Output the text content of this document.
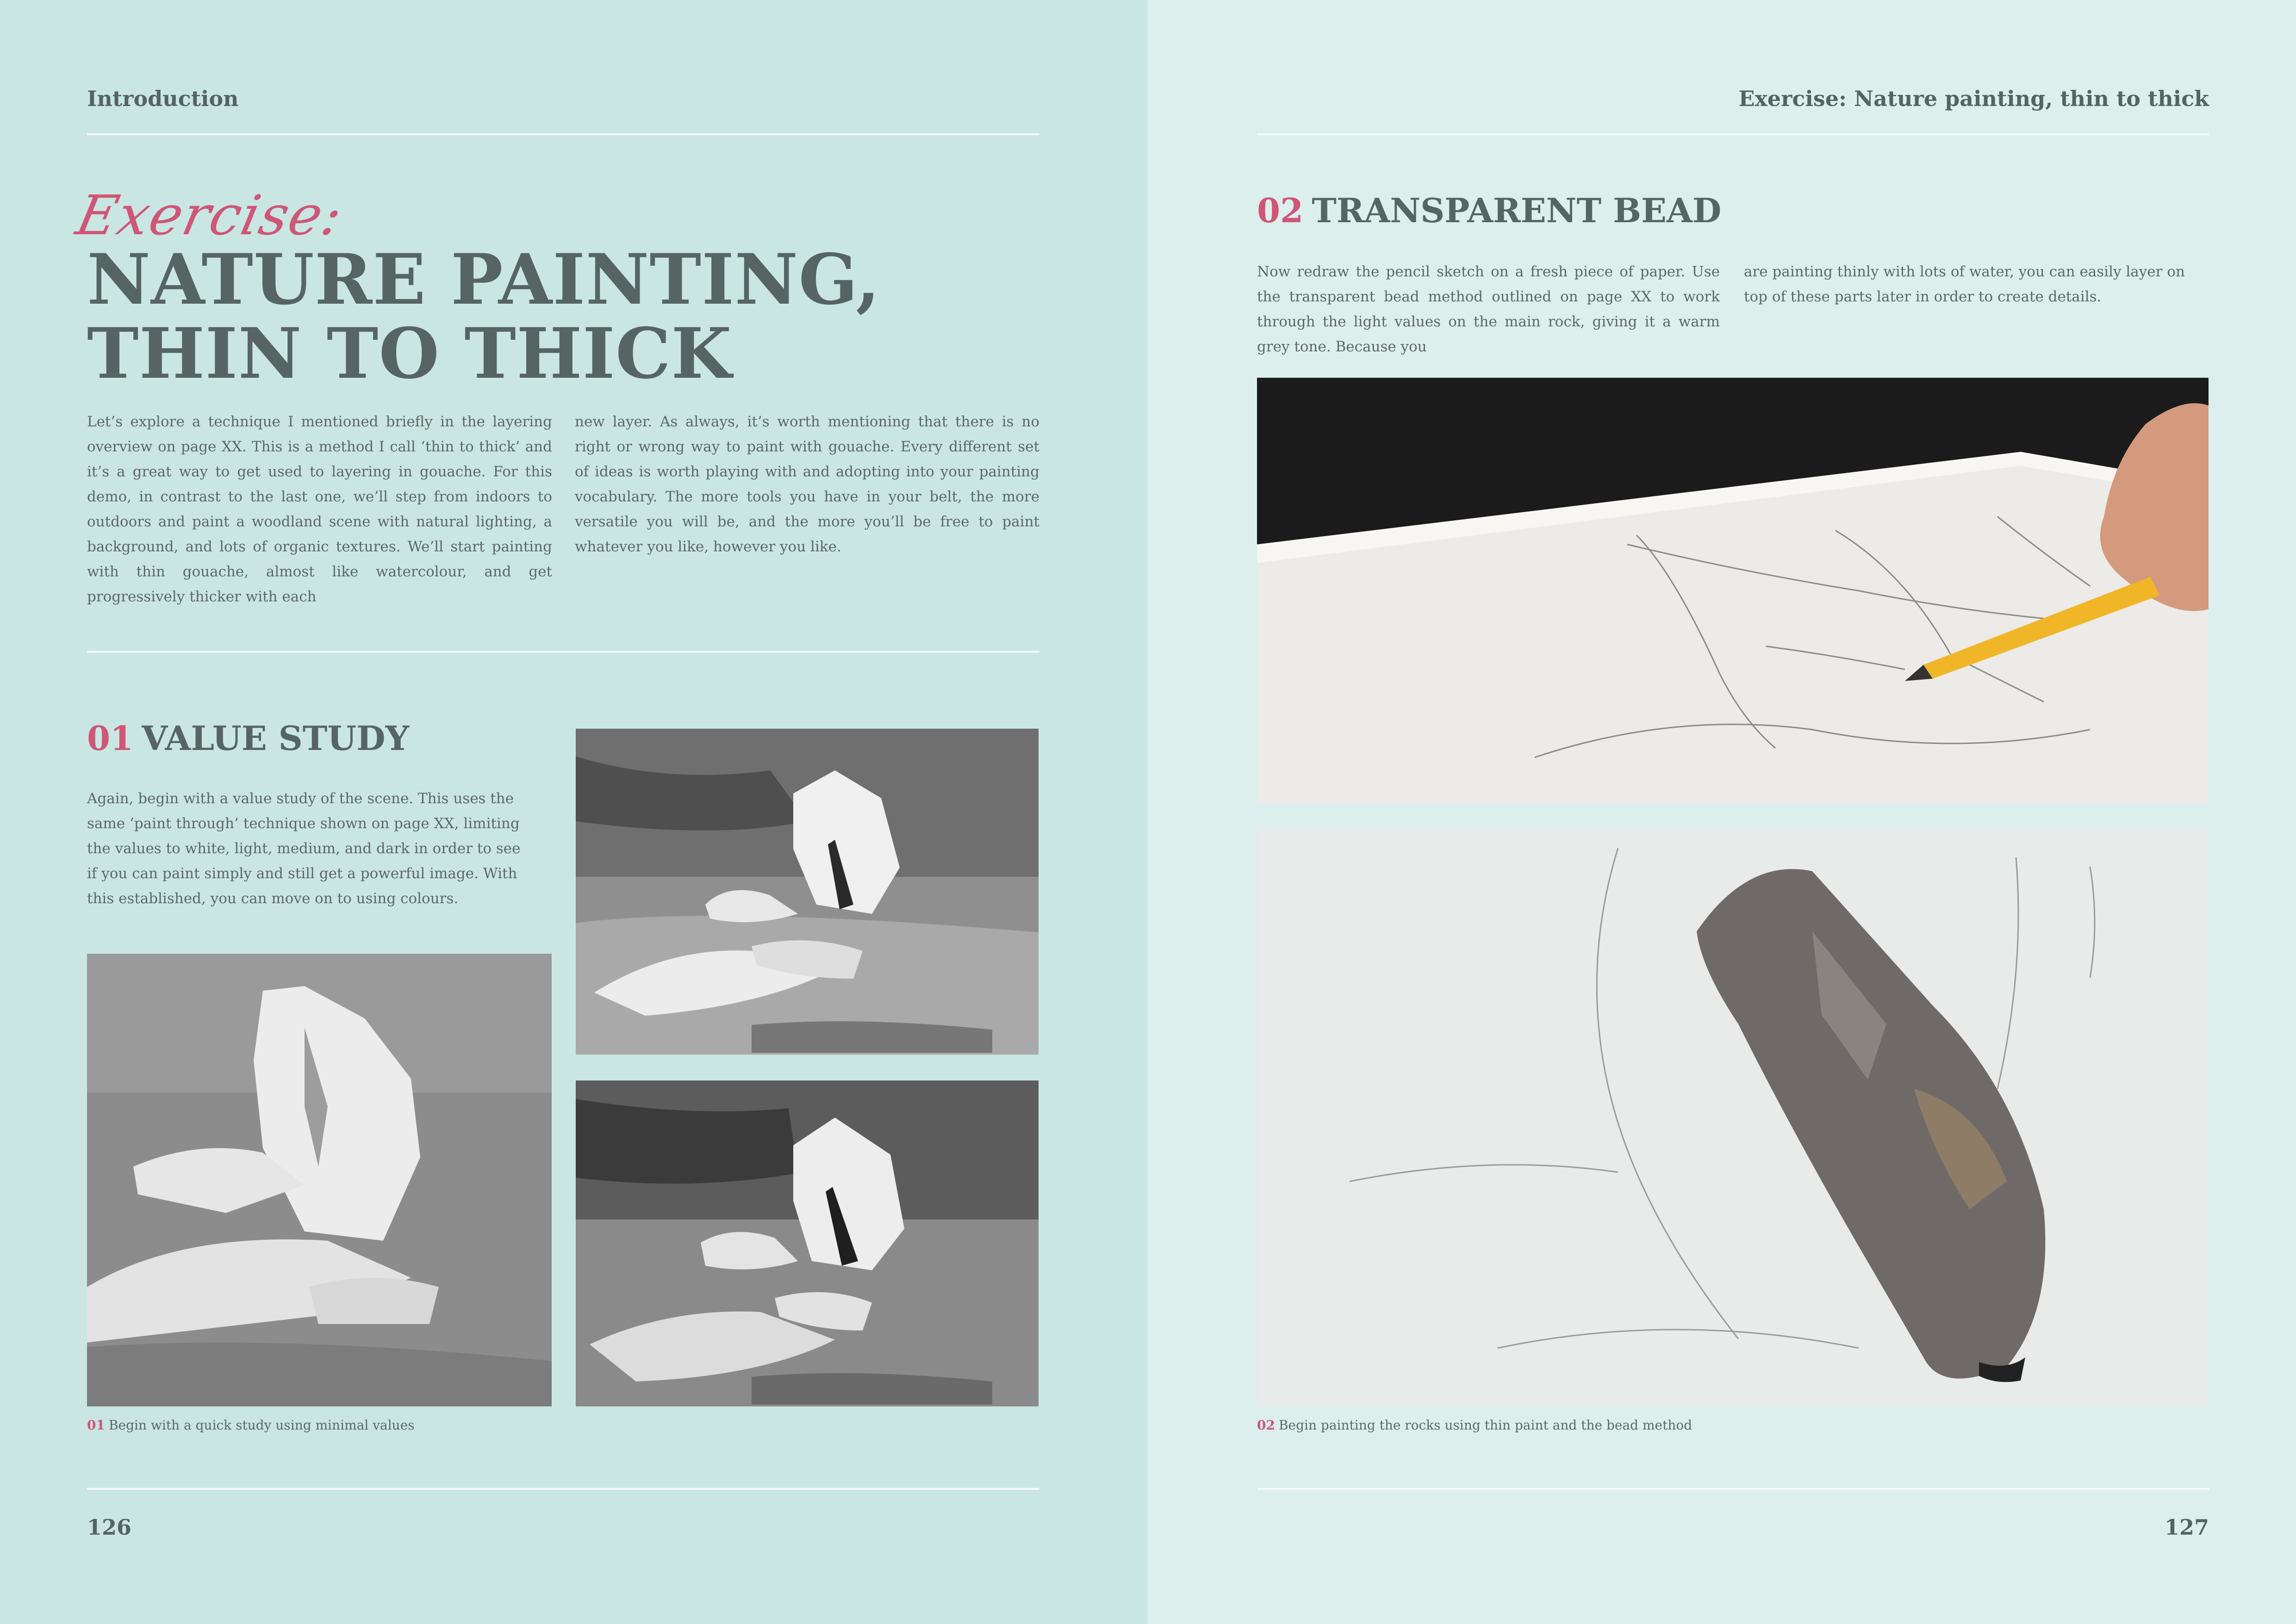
Introduction
Exercise:
NATURE PAINTING,
THIN TO THICK
Let’s explore a technique I mentioned briefly in the layering overview on page XX. This is a method I call ‘thin to thick’ and it’s a great way to get used to layering in gouache. For this demo, in contrast to the last one, we’ll step from indoors to outdoors and paint a woodland scene with natural lighting, a background, and lots of organic textures. We’ll start painting with thin gouache, almost like watercolour, and get progressively thicker with each
new layer. As always, it’s worth mentioning that there is no right or wrong way to paint with gouache. Every different set of ideas is worth playing with and adopting into your painting vocabulary. The more tools you have in your belt, the more versatile you will be, and the more you’ll be free to paint whatever you like, however you like.
01 VALUE STUDY
Again, begin with a value study of the scene. This uses the same ‘paint through’ technique shown on page XX, limiting the values to white, light, medium, and dark in order to see if you can paint simply and still get a powerful image. With this established, you can move on to using colours.
01 Begin with a quick study using minimal values
126
Exercise: Nature painting, thin to thick
02 TRANSPARENT BEAD
Now redraw the pencil sketch on a fresh piece of paper. Use the transparent bead method outlined on page XX to work through the light values on the main rock, giving it a warm grey tone. Because you
are painting thinly with lots of water, you can easily layer on top of these parts later in order to create details.
02 Begin painting the rocks using thin paint and the bead method
127
